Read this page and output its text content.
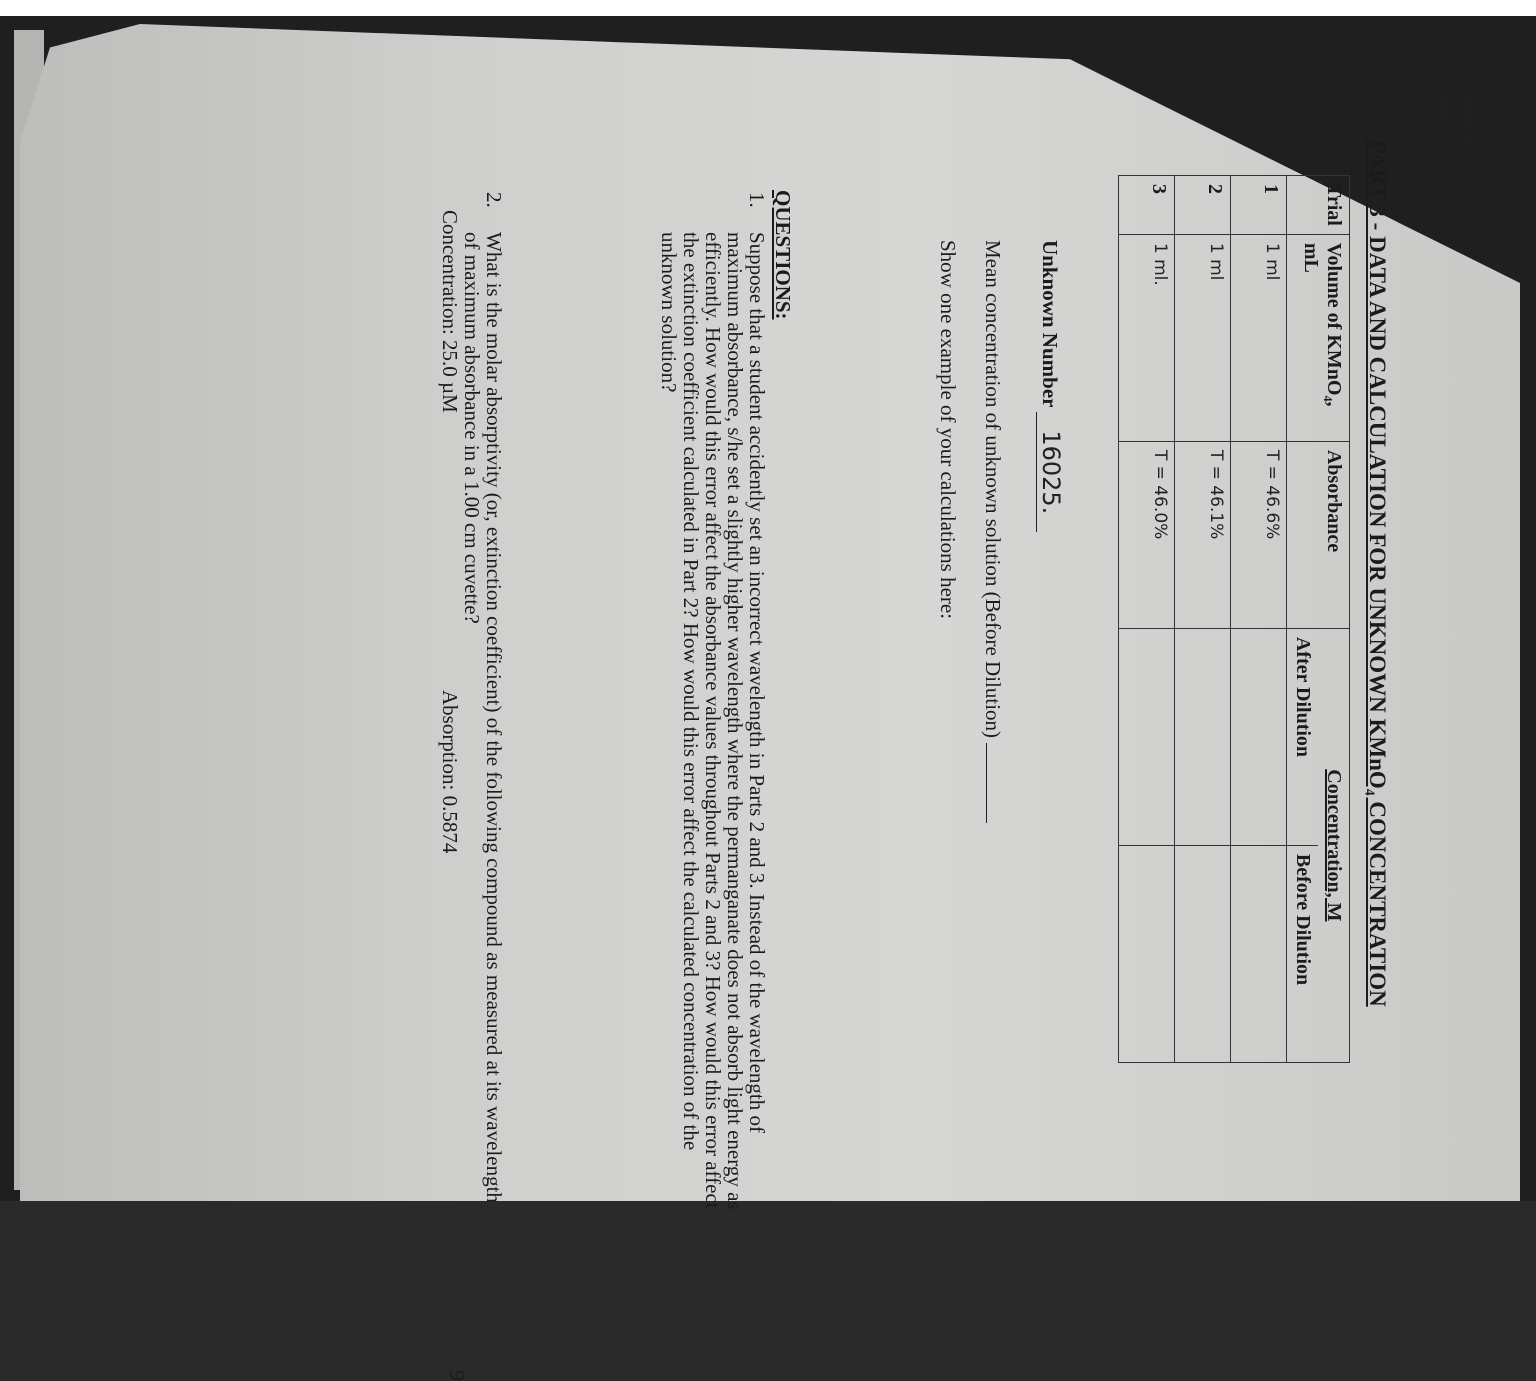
PART 3 - DATA AND CALCULATION FOR UNKNOWN KMnO₄ CONCENTRATION
Trial	Volume of KMnO₄, mL	Absorbance	Concentration, M	
			After Dilution	Before Dilution
1	1 ml	T = 46.6%		
2	1 ml	T = 46.1%		
3	1 ml.	T = 46.0%		
Unknown Number 16025.
Mean concentration of unknown solution (Before Dilution)
Show one example of your calculations here:
QUESTIONS:
1.
Suppose that a student accidently set an incorrect wavelength in Parts 2 and 3. Instead of the wavelength of maximum absorbance, s/he set a slightly higher wavelength where the permanganate does not absorb light energy as efficiently. How would this error affect the absorbance values throughout Parts 2 and 3? How would this error affect the extinction coefficient calculated in Part 2? How would this error affect the calculated concentration of the unknown solution?
2.
What is the molar absorptivity (or, extinction coefficient) of the following compound as measured at its wavelength of maximum absorbance in a 1.00 cm cuvette?
Concentration: 25.0 µM
Absorption: 0.5874
9
CHEM 101
